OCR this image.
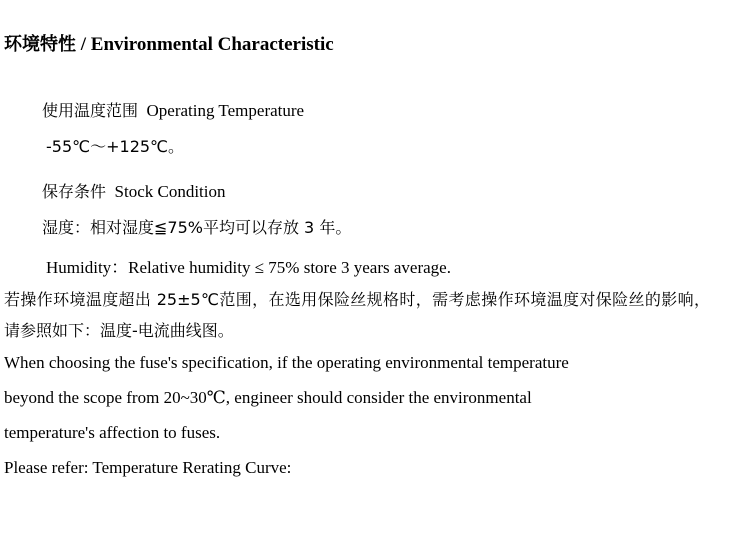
环境特性 / Environmental Characteristic

使用温度范围 Operating Temperature

-55℃～+125℃。

保存条件 Stock Condition

湿度：相对湿度≦75%平均可以存放 3 年。

Humidity：Relative humidity ≤ 75% store 3 years average.

若操作环境温度超出 25±5℃范围，在选用保险丝规格时，需考虑操作环境温度对保险丝的影响，请参照如下：温度-电流曲线图。

When choosing the fuse's specification, if the operating environmental temperature
beyond the scope from 20~30℃, engineer should consider the environmental
temperature's affection to fuses.
Please refer: Temperature Rerating Curve:
